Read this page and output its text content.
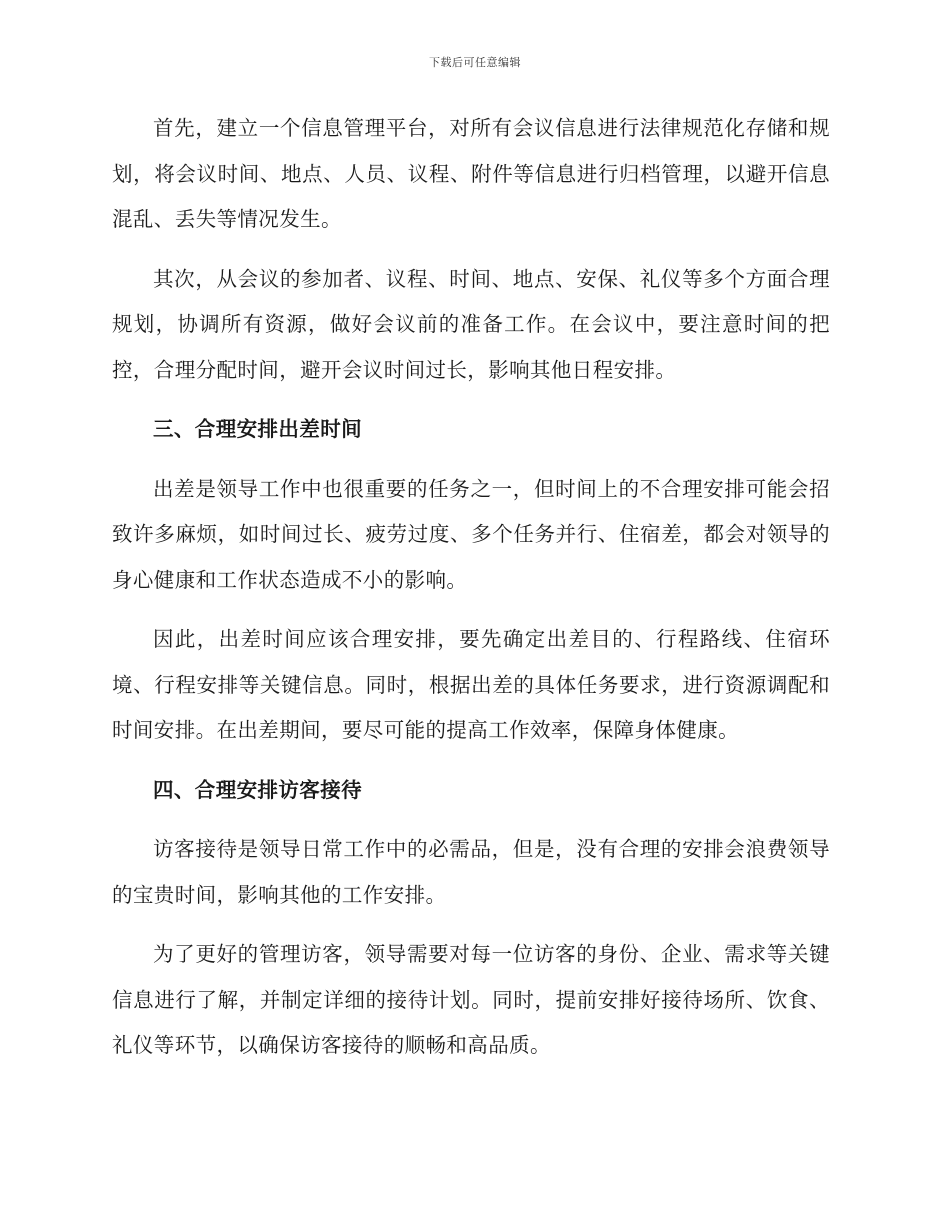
下载后可任意编辑

首先，建立一个信息管理平台，对所有会议信息进行法律规范化存储和规划，将会议时间、地点、人员、议程、附件等信息进行归档管理，以避开信息混乱、丢失等情况发生。

其次，从会议的参加者、议程、时间、地点、安保、礼仪等多个方面合理规划，协调所有资源，做好会议前的准备工作。在会议中，要注意时间的把控，合理分配时间，避开会议时间过长，影响其他日程安排。

三、合理安排出差时间

出差是领导工作中也很重要的任务之一，但时间上的不合理安排可能会招致许多麻烦，如时间过长、疲劳过度、多个任务并行、住宿差，都会对领导的身心健康和工作状态造成不小的影响。

因此，出差时间应该合理安排，要先确定出差目的、行程路线、住宿环境、行程安排等关键信息。同时，根据出差的具体任务要求，进行资源调配和时间安排。在出差期间，要尽可能的提高工作效率，保障身体健康。

四、合理安排访客接待

访客接待是领导日常工作中的必需品，但是，没有合理的安排会浪费领导的宝贵时间，影响其他的工作安排。

为了更好的管理访客，领导需要对每一位访客的身份、企业、需求等关键信息进行了解，并制定详细的接待计划。同时，提前安排好接待场所、饮食、礼仪等环节，以确保访客接待的顺畅和高品质。
